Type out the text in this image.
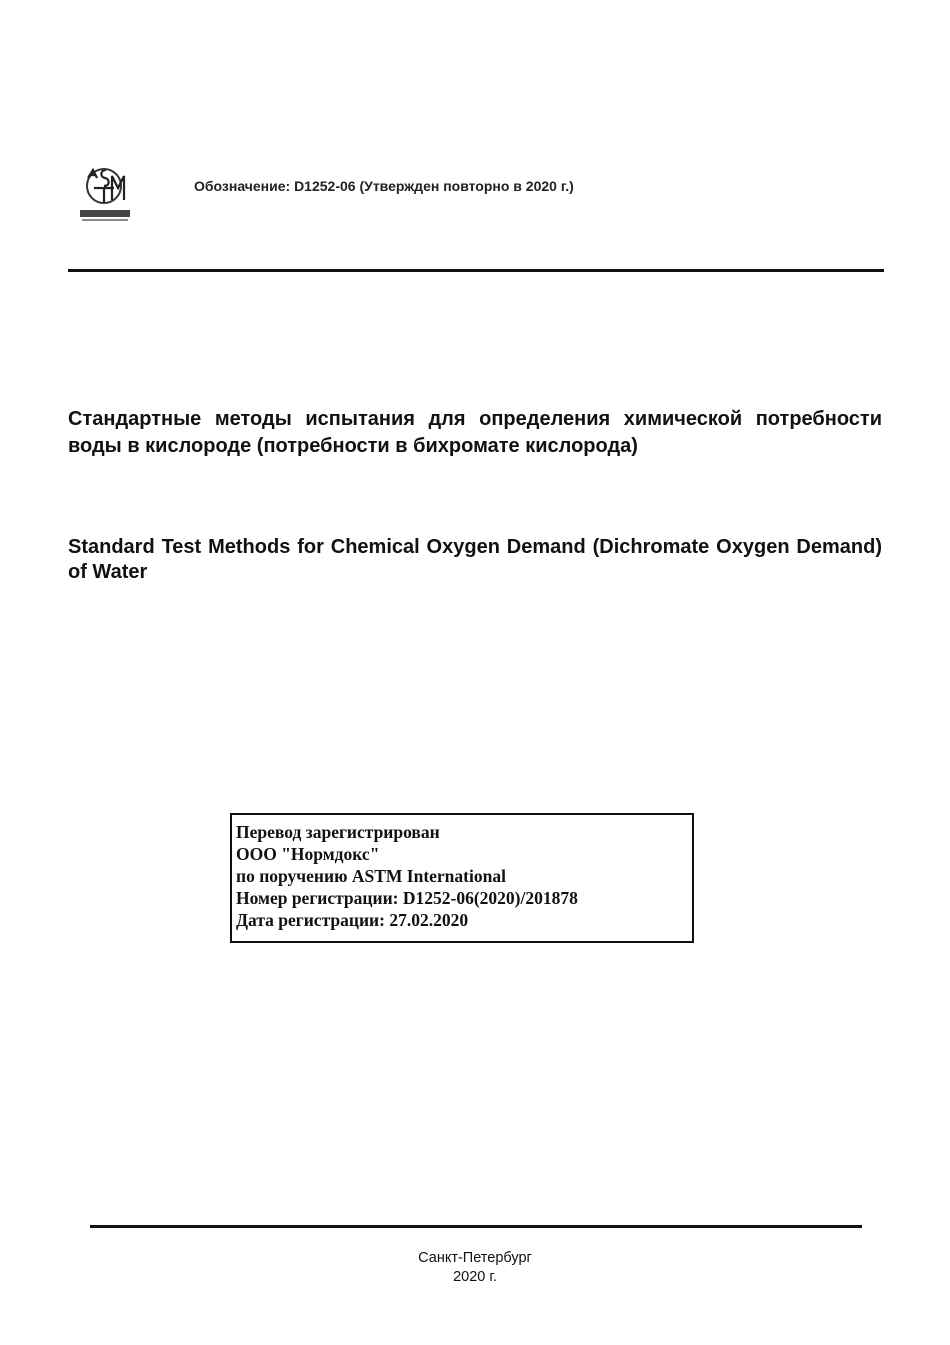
Обозначение: D1252-06 (Утвержден повторно в 2020 г.)
Стандартные методы испытания для определения химической потребности воды в кислороде (потребности в бихромате кислорода)
Standard Test Methods for Chemical Oxygen Demand (Dichromate Oxygen Demand) of Water
Перевод зарегистрирован
ООО "Нормдокс"
по поручению ASTM International
Номер регистрации: D1252-06(2020)/201878
Дата регистрации: 27.02.2020
Санкт-Петербург
2020 г.
